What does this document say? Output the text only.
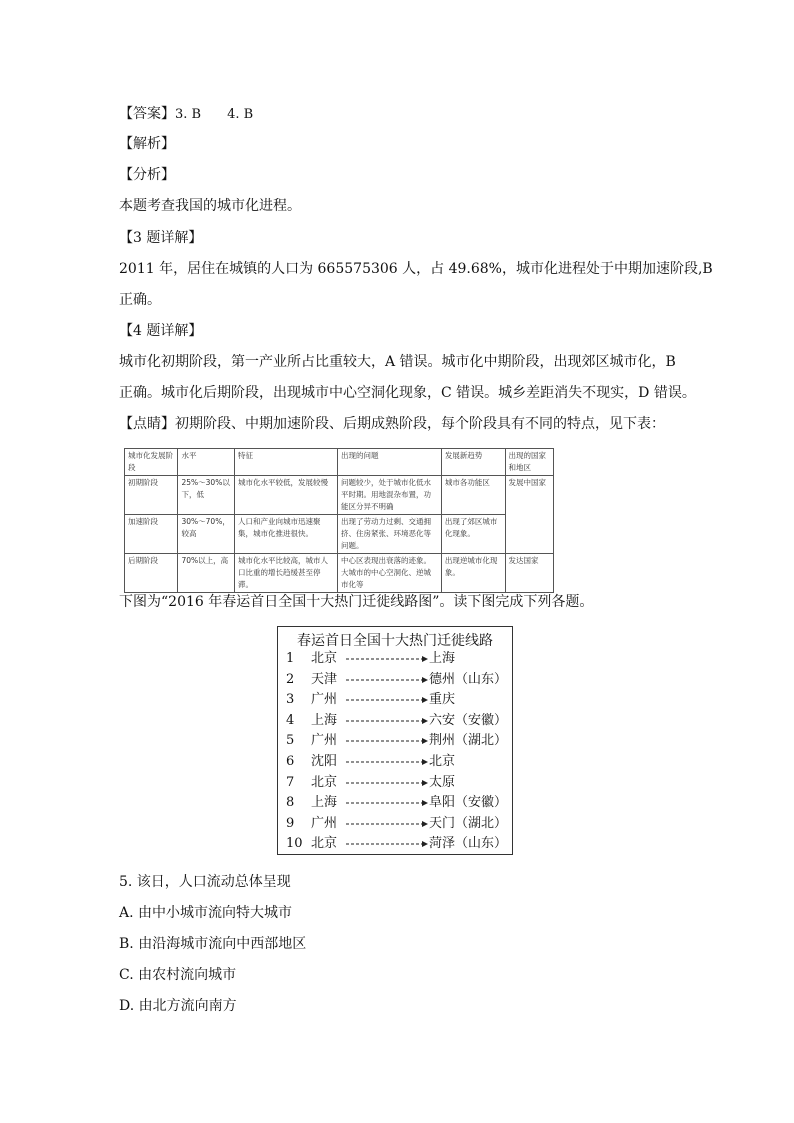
【答案】3. B　　4. B
【解析】
【分析】
本题考查我国的城市化进程。
【3 题详解】
2011 年，居住在城镇的人口为 665575306 人，占 49.68%，城市化进程处于中期加速阶段,B
正确。
【4 题详解】
城市化初期阶段，第一产业所占比重较大，A 错误。城市化中期阶段，出现郊区城市化，B
正确。城市化后期阶段，出现城市中心空洞化现象，C 错误。城乡差距消失不现实，D 错误。
【点睛】初期阶段、中期加速阶段、后期成熟阶段，每个阶段具有不同的特点，见下表：
城市化发展阶段	水平	特征	出现的问题	发展新趋势	出现的国家和地区
初期阶段	25%～30%以下，低	城市化水平较低，发展较慢	问题较少，处于城市化低水平时期。用地混杂布置，功能区分异不明确	城市各功能区	发展中国家
加速阶段	30%～70%，较高	人口和产业向城市迅速聚集，城市化推进很快。	出现了劳动力过剩、交通拥挤、住房紧张、环境恶化等问题。	出现了郊区城市化现象。	
后期阶段	70%以上，高	城市化水平比较高，城市人口比重的增长趋缓甚至停滞。	中心区表现出衰落的迹象。大城市的中心空洞化、逆城市化等	出现逆城市化现象。	发达国家
下图为“2016 年春运首日全国十大热门迁徙线路图”。读下图完成下列各题。
春运首日全国十大热门迁徙线路
1	北京	上海
2	天津	德州（山东）
3	广州	重庆
4	上海	六安（安徽）
5	广州	荆州（湖北）
6	沈阳	北京
7	北京	太原
8	上海	阜阳（安徽）
9	广州	天门（湖北）
10 北京	菏泽（山东）
5. 该日，人口流动总体呈现
A. 由中小城市流向特大城市
B. 由沿海城市流向中西部地区
C. 由农村流向城市
D. 由北方流向南方
